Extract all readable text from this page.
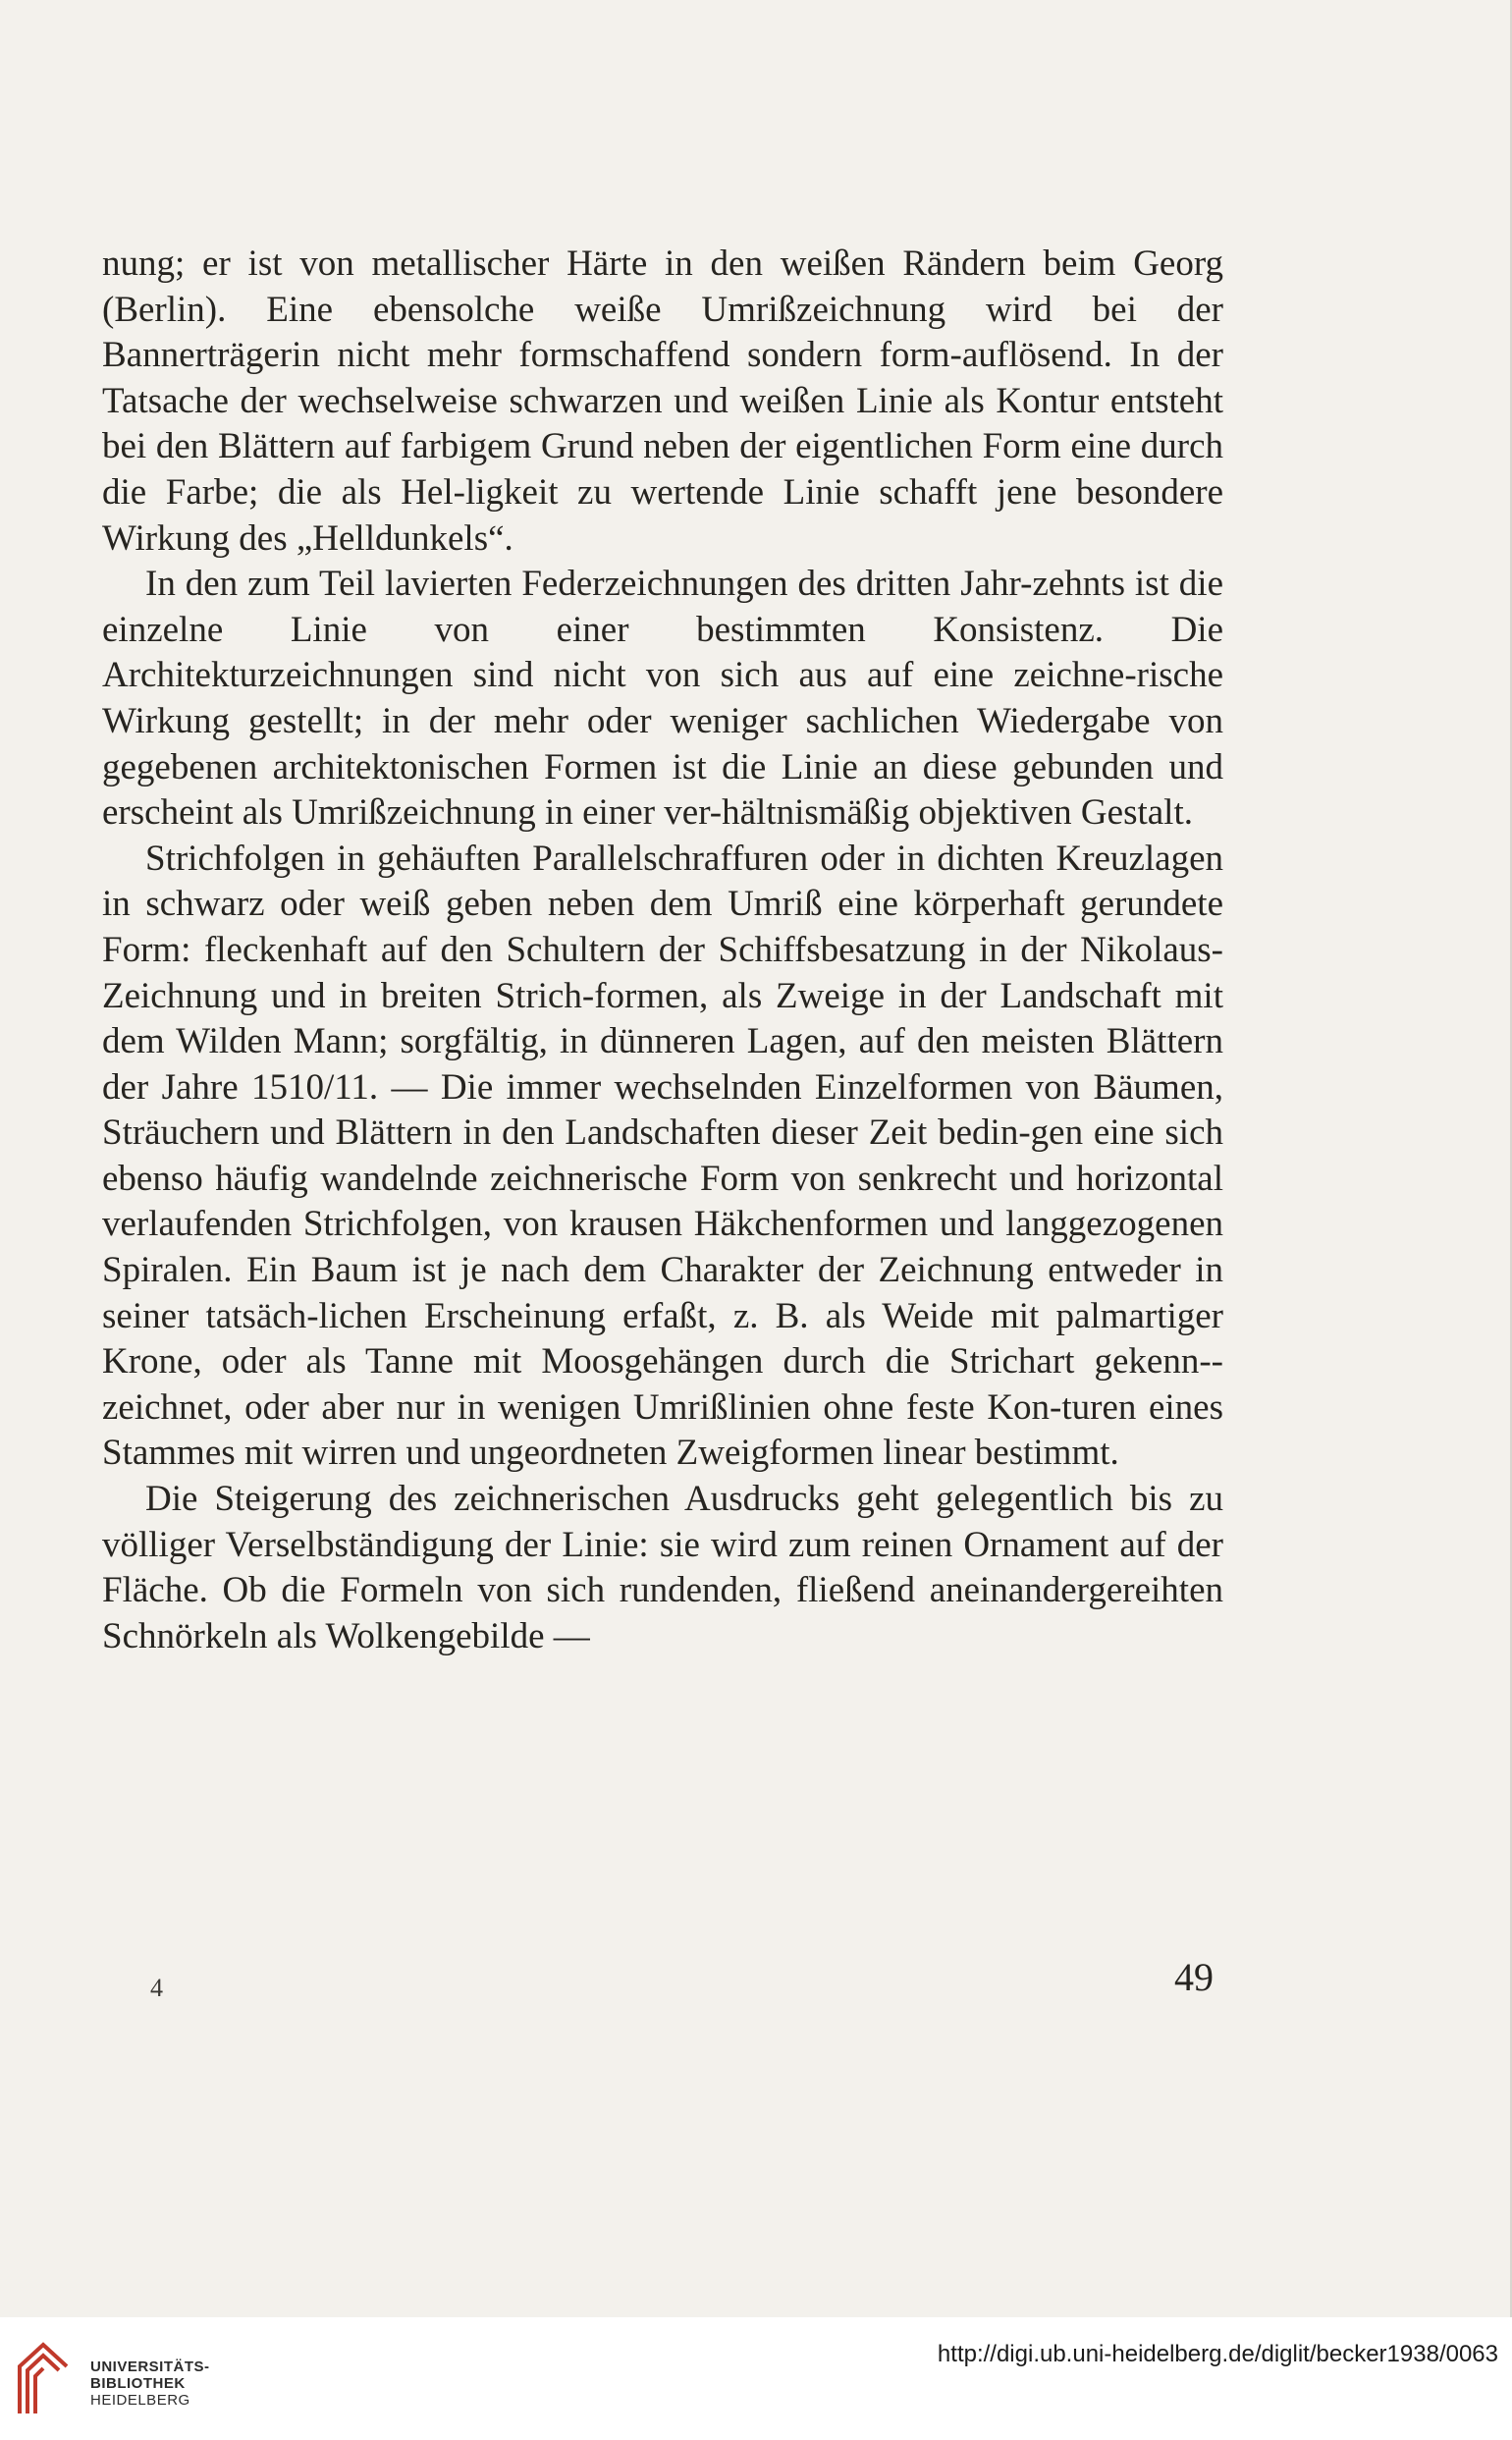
nung; er ist von metallischer Härte in den weißen Rändern beim Georg (Berlin). Eine ebensolche weiße Umrißzeichnung wird bei der Bannerträgerin nicht mehr formschaffend sondern form-auflösend. In der Tatsache der wechselweise schwarzen und weißen Linie als Kontur entsteht bei den Blättern auf farbigem Grund neben der eigentlichen Form eine durch die Farbe; die als Hel-ligkeit zu wertende Linie schafft jene besondere Wirkung des „Helldunkels“.

In den zum Teil lavierten Federzeichnungen des dritten Jahr-zehnts ist die einzelne Linie von einer bestimmten Konsistenz. Die Architekturzeichnungen sind nicht von sich aus auf eine zeichne-rische Wirkung gestellt; in der mehr oder weniger sachlichen Wiedergabe von gegebenen architektonischen Formen ist die Linie an diese gebunden und erscheint als Umrißzeichnung in einer ver-hältnismäßig objektiven Gestalt.

Strichfolgen in gehäuften Parallelschraffuren oder in dichten Kreuzlagen in schwarz oder weiß geben neben dem Umriß eine körperhaft gerundete Form: fleckenhaft auf den Schultern der Schiffsbesatzung in der Nikolaus-Zeichnung und in breiten Strich-formen, als Zweige in der Landschaft mit dem Wilden Mann; sorgfältig, in dünneren Lagen, auf den meisten Blättern der Jahre 1510/11. — Die immer wechselnden Einzelformen von Bäumen, Sträuchern und Blättern in den Landschaften dieser Zeit bedin-gen eine sich ebenso häufig wandelnde zeichnerische Form von senkrecht und horizontal verlaufenden Strichfolgen, von krausen Häkchenformen und langgezogenen Spiralen. Ein Baum ist je nach dem Charakter der Zeichnung entweder in seiner tatsäch-lichen Erscheinung erfaßt, z. B. als Weide mit palmartiger Krone, oder als Tanne mit Moosgehängen durch die Strichart gekenn-zeichnet, oder aber nur in wenigen Umrißlinien ohne feste Kon-turen eines Stammes mit wirren und ungeordneten Zweigformen linear bestimmt.

Die Steigerung des zeichnerischen Ausdrucks geht gelegentlich bis zu völliger Verselbständigung der Linie: sie wird zum reinen Ornament auf der Fläche. Ob die Formeln von sich rundenden, fließend aneinandergereihten Schnörkeln als Wolkengebilde —

4	49
UNIVERSITÄTS-
BIBLIOTHEK
HEIDELBERG
http://digi.ub.uni-heidelberg.de/diglit/becker1938/0063
